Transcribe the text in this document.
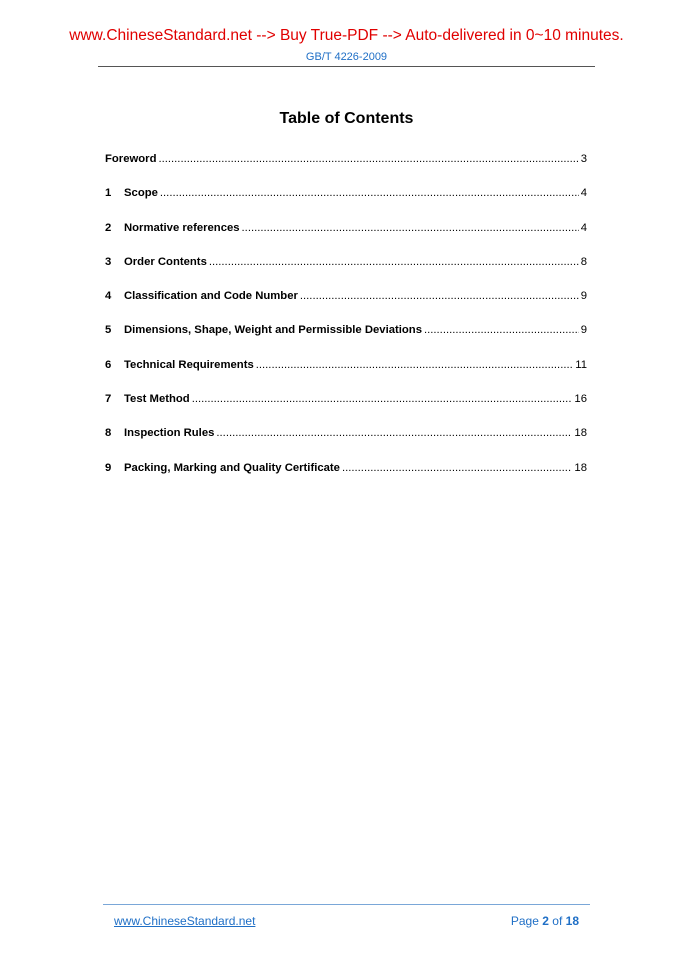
www.ChineseStandard.net --> Buy True-PDF --> Auto-delivered in 0~10 minutes.
GB/T 4226-2009
Table of Contents
Foreword .....	3
1	Scope .....	4
2	Normative references .....	4
3	Order Contents .....	8
4	Classification and Code Number .....	9
5	Dimensions, Shape, Weight and Permissible Deviations .....	9
6	Technical Requirements .....	11
7	Test Method .....	16
8	Inspection Rules .....	18
9	Packing, Marking and Quality Certificate .....	18
www.ChineseStandard.net	Page 2 of 18
